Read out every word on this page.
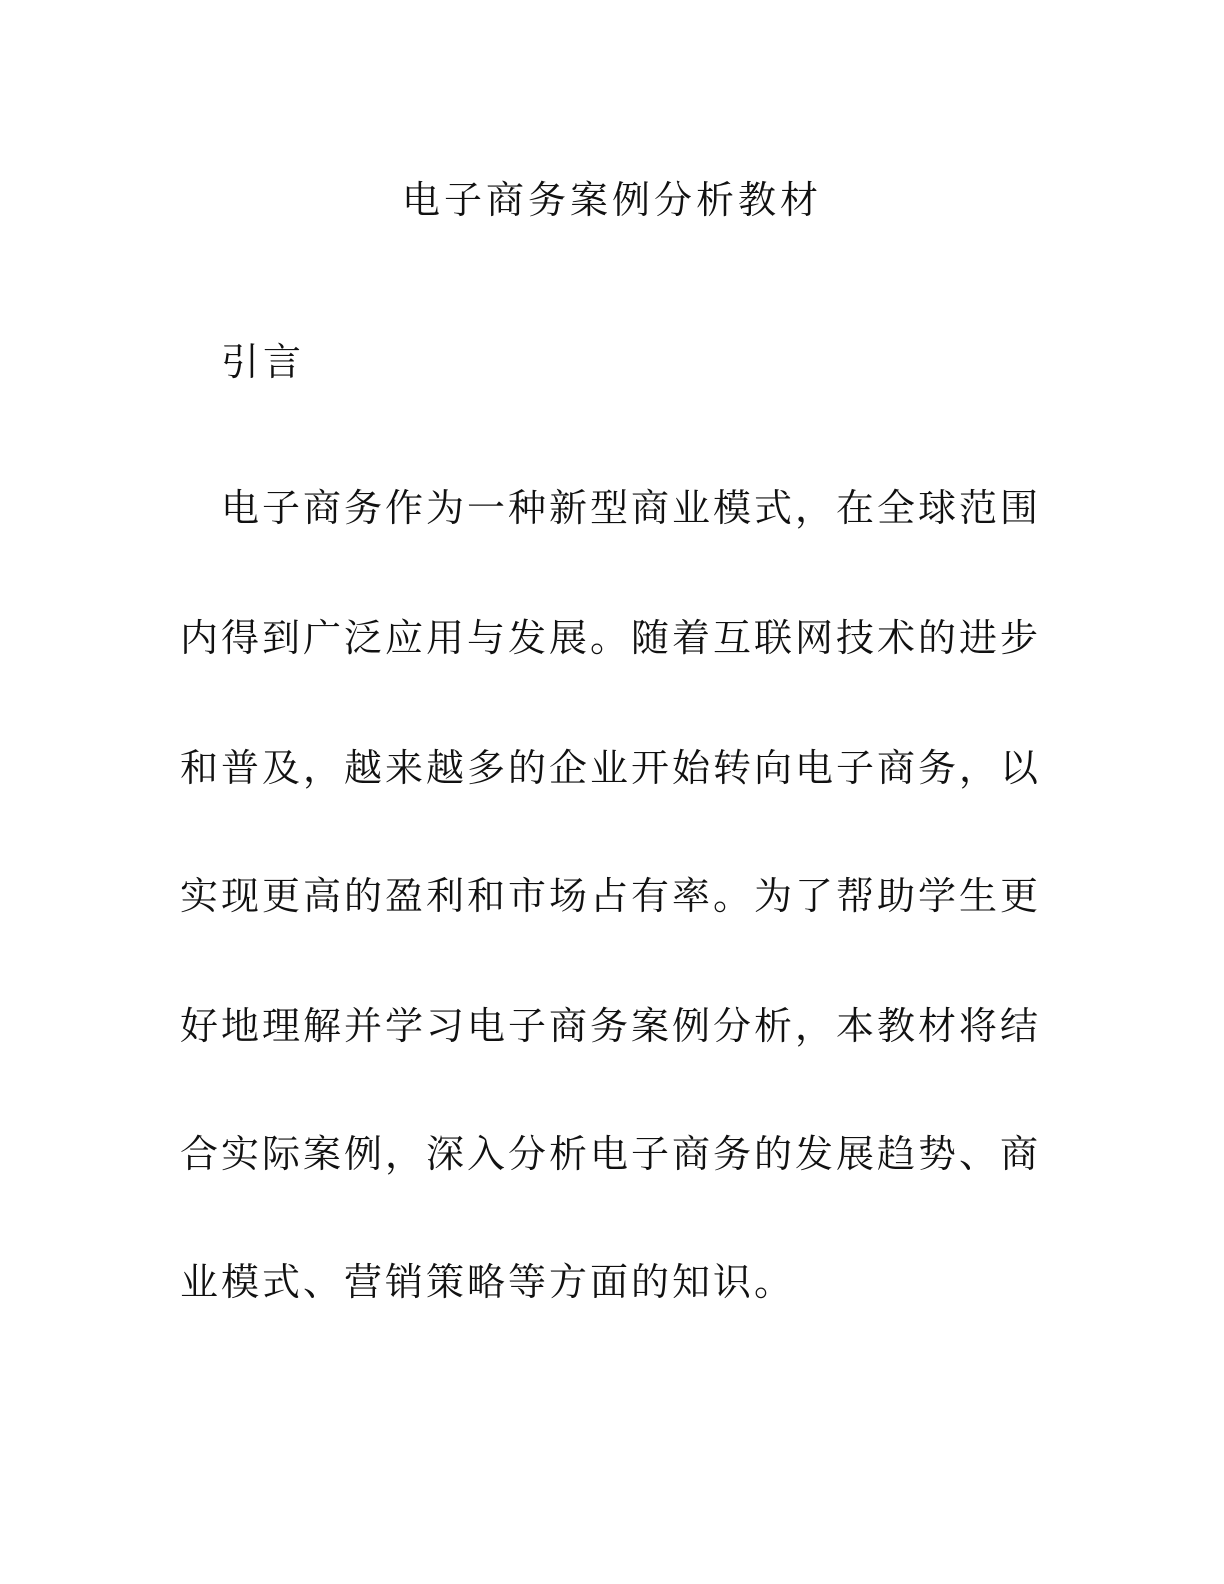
电子商务案例分析教材
引言

电子商务作为一种新型商业模式，在全球范围

内得到广泛应用与发展。随着互联网技术的进步

和普及，越来越多的企业开始转向电子商务，以

实现更高的盈利和市场占有率。为了帮助学生更

好地理解并学习电子商务案例分析，本教材将结

合实际案例，深入分析电子商务的发展趋势、商

业模式、营销策略等方面的知识。
